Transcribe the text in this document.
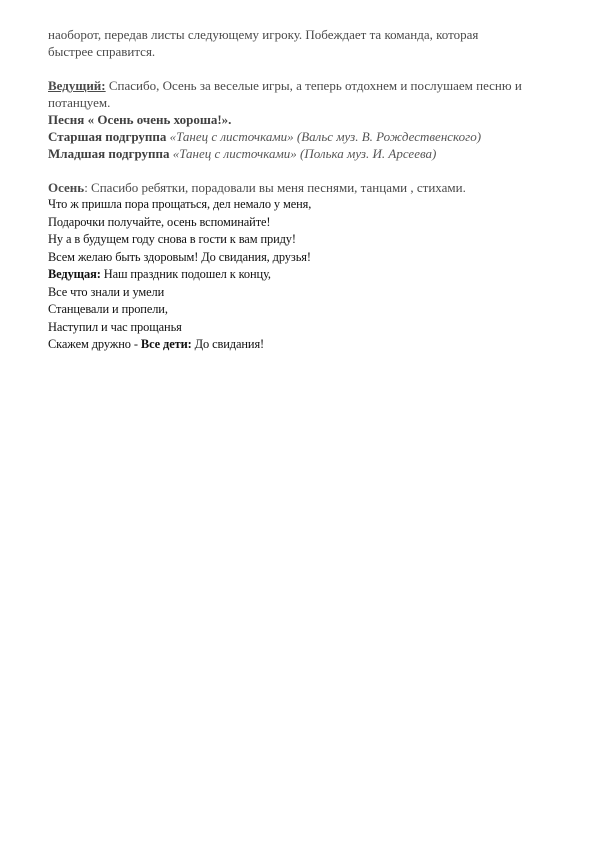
наоборот, передав листы следующему игроку. Побеждает та команда, которая

быстрее справится.

Ведущий: Спасибо, Осень за веселые игры, а теперь отдохнем и послушаем песню и потанцуем.

Песня « Осень очень хороша!».

Старшая подгруппа «Танец с листочками» (Вальс муз. В. Рождественского)

Младшая подгруппа «Танец с листочками» (Полька муз. И. Арсеева)

Осень: Спасибо ребятки, порадовали вы меня песнями, танцами , стихами.

Что ж пришла пора прощаться, дел немало у меня,

Подарочки получайте, осень вспоминайте!

Ну а в будущем году снова в гости к вам приду!

Всем желаю быть здоровым! До свидания, друзья!

Ведущая: Наш праздник подошел к концу,

Все что знали и умели

Станцевали и пропели,

Наступил и час прощанья

Скажем дружно - Все дети: До свидания!
